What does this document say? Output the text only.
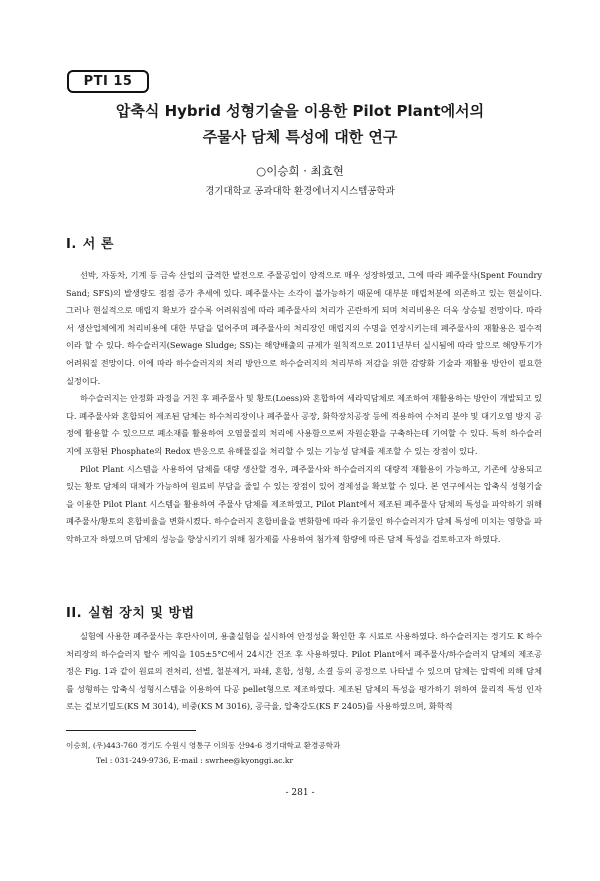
PTI 15
압축식 Hybrid 성형기술을 이용한 Pilot Plant에서의
주물사 담체 특성에 대한 연구
○이승희 · 최효현
경기대학교 공과대학 환경에너지시스템공학과
I. 서 론

선박, 자동차, 기계 등 금속 산업의 급격한 발전으로 주물공업이 양적으로 매우 성장하였고, 그에 따라 폐주물사(Spent Foundry Sand; SFS)의 발생량도 점점 증가 추세에 있다. 폐주물사는 소각이 불가능하기 때문에 대부분 매립처분에 의존하고 있는 현실이다. 그러나 현실적으로 매립지 확보가 갈수록 어려워짐에 따라 폐주물사의 처리가 곤란하게 되며 처리비용은 더욱 상승될 전망이다. 따라서 생산업체에게 처리비용에 대한 부담을 덜어주며 폐주물사의 처리장인 매립지의 수명을 연장시키는데 폐주물사의 재활용은 필수적이라 할 수 있다. 하수슬러지(Sewage Sludge; SS)는 해양배출의 규제가 원칙적으로 2011년부터 실시됨에 따라 앞으로 해양투기가 어려워질 전망이다. 이에 따라 하수슬러지의 처리 방안으로 하수슬러지의 처리부하 저감을 위한 감량화 기술과 재활용 방안이 필요한 실정이다.

하수슬러지는 안정화 과정을 거친 후 폐주물사 및 황토(Loess)와 혼합하여 세라믹담체로 제조하여 재활용하는 방안이 개발되고 있다. 폐주물사와 혼합되어 제조된 담체는 하수처리장이나 폐주물사 공장, 화학장치공장 등에 적용하여 수처리 분야 및 대기오염 방지 공정에 활용할 수 있으므로 폐소재를 활용하여 오염물질의 처리에 사용함으로써 자원순환을 구축하는데 기여할 수 있다. 특히 하수슬러지에 포함된 Phosphate의 Redox 반응으로 유해물질을 처리할 수 있는 기능성 담체를 제조할 수 있는 장점이 있다.

Pilot Plant 시스템을 사용하여 담체를 대량 생산할 경우, 폐주물사와 하수슬러지의 대량적 재활용이 가능하고, 기존에 상용되고 있는 황토 담체의 대체가 가능하여 원료비 부담을 줄일 수 있는 장점이 있어 경제성을 확보할 수 있다. 본 연구에서는 압축식 성형기술을 이용한 Pilot Plant 시스템을 활용하여 주물사 담체를 제조하였고, Pilot Plant에서 제조된 폐주물사 담체의 특성을 파악하기 위해 폐주물사/황토의 혼합비율을 변화시켰다. 하수슬러지 혼합비율을 변화함에 따라 유기물인 하수슬러지가 담체 특성에 미치는 영향을 파악하고자 하였으며 담체의 성능을 향상시키기 위해 첨가제를 사용하여 첨가제 함량에 따른 담체 특성을 검토하고자 하였다.

II. 실험 장치 및 방법

실험에 사용한 폐주물사는 후란사이며, 용출실험을 실시하여 안정성을 확인한 후 시료로 사용하였다. 하수슬러지는 경기도 K 하수처리장의 하수슬러지 탈수 케익을 105±5°C에서 24시간 건조 후 사용하였다. Pilot Plant에서 폐주물사/하수슬러지 담체의 제조공정은 Fig. 1과 같이 원료의 전처리, 선별, 철분제거, 파쇄, 혼합, 성형, 소결 등의 공정으로 나타낼 수 있으며 담체는 압력에 의해 담체를 성형하는 압축식 성형시스템을 이용하여 다공 pellet형으로 제조하였다. 제조된 담체의 특성을 평가하기 위하여 물리적 특성 인자로는 겉보기밀도(KS M 3014), 비중(KS M 3016), 공극율, 압축강도(KS F 2405)를 사용하였으며, 화학적

이승희, (우)443-760 경기도 수원시 영통구 이의동 산94-6 경기대학교 환경공학과
Tel : 031-249-9736, E-mail : swrhee@kyonggi.ac.kr
- 281 -
